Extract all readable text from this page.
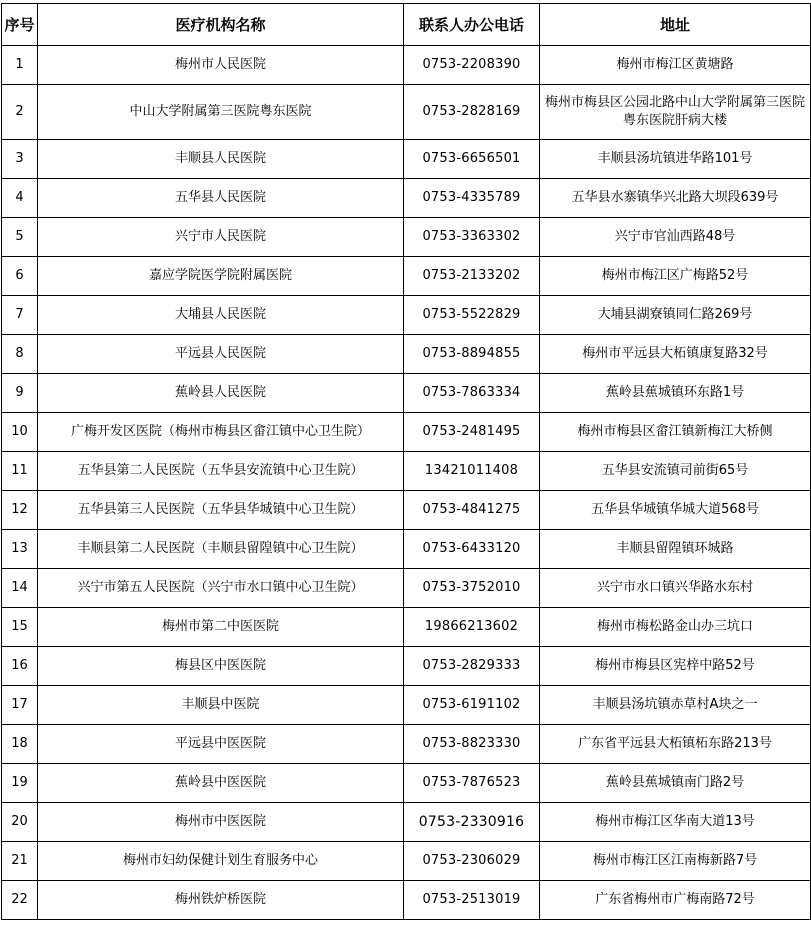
序号	医疗机构名称	联系人办公电话	地址
1	梅州市人民医院	0753-2208390	梅州市梅江区黄塘路
2	中山大学附属第三医院粤东医院	0753-2828169	梅州市梅县区公园北路中山大学附属第三医院粤东医院肝病大楼
3	丰顺县人民医院	0753-6656501	丰顺县汤坑镇进华路101号
4	五华县人民医院	0753-4335789	五华县水寨镇华兴北路大坝段639号
5	兴宁市人民医院	0753-3363302	兴宁市官汕西路48号
6	嘉应学院医学院附属医院	0753-2133202	梅州市梅江区广梅路52号
7	大埔县人民医院	0753-5522829	大埔县湖寮镇同仁路269号
8	平远县人民医院	0753-8894855	梅州市平远县大柘镇康复路32号
9	蕉岭县人民医院	0753-7863334	蕉岭县蕉城镇环东路1号
10	广梅开发区医院（梅州市梅县区畲江镇中心卫生院）	0753-2481495	梅州市梅县区畲江镇新梅江大桥侧
11	五华县第二人民医院（五华县安流镇中心卫生院）	13421011408	五华县安流镇司前街65号
12	五华县第三人民医院（五华县华城镇中心卫生院）	0753-4841275	五华县华城镇华城大道568号
13	丰顺县第二人民医院（丰顺县留隍镇中心卫生院）	0753-6433120	丰顺县留隍镇环城路
14	兴宁市第五人民医院（兴宁市水口镇中心卫生院）	0753-3752010	兴宁市水口镇兴华路水东村
15	梅州市第二中医医院	19866213602	梅州市梅松路金山办三坑口
16	梅县区中医医院	0753-2829333	梅州市梅县区宪梓中路52号
17	丰顺县中医院	0753-6191102	丰顺县汤坑镇赤草村A块之一
18	平远县中医医院	0753-8823330	广东省平远县大柘镇柘东路213号
19	蕉岭县中医医院	0753-7876523	蕉岭县蕉城镇南门路2号
20	梅州市中医医院	0753-2330916	梅州市梅江区华南大道13号
21	梅州市妇幼保健计划生育服务中心	0753-2306029	梅州市梅江区江南梅新路7号
22	梅州铁炉桥医院	0753-2513019	广东省梅州市广梅南路72号
